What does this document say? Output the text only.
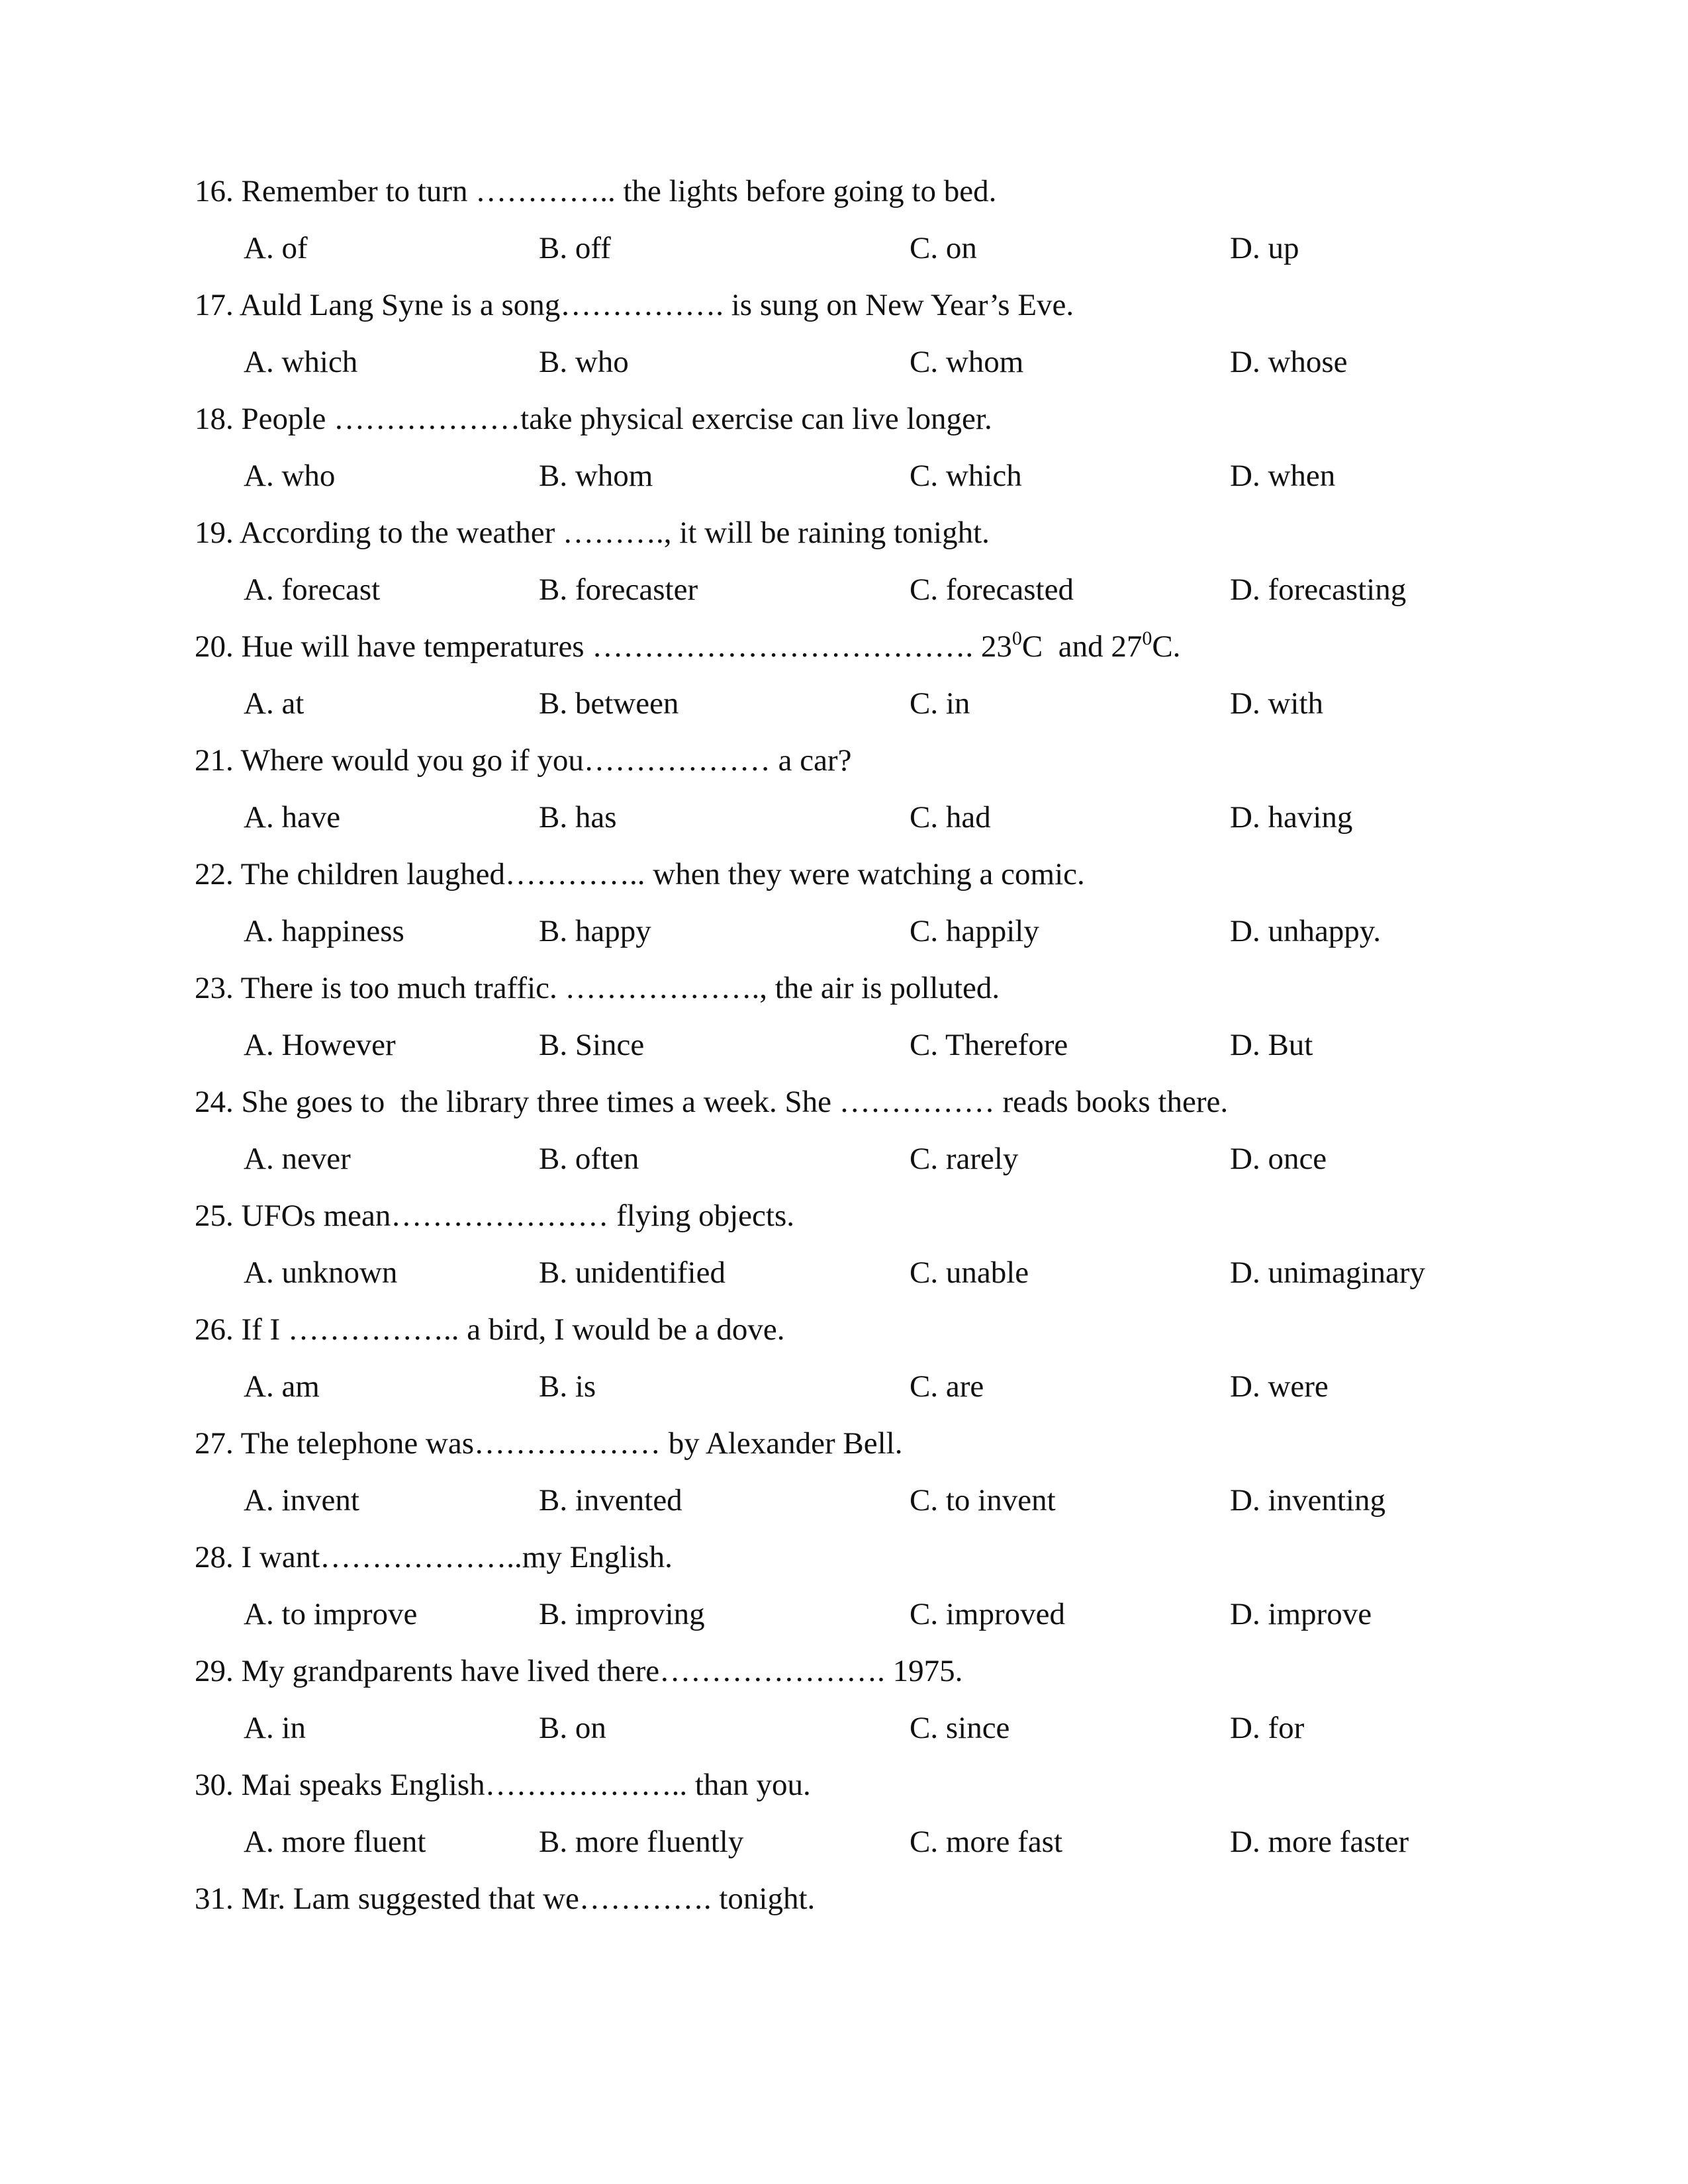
16. Remember to turn ………….. the lights before going to bed.
A. of	B. off	C. on	D. up
17. Auld Lang Syne is a song……………. is sung on New Year’s Eve.
A. which	B. who	C. whom	D. whose
18. People ………………take physical exercise can live longer.
A. who	B. whom	C. which	D. when
19. According to the weather ………., it will be raining tonight.
A. forecast	B. forecaster	C. forecasted	D. forecasting
20. Hue will have temperatures ………………………………. $23^0C$  and $27^0C$.
A. at	B. between	C. in	D. with
21. Where would you go if you……………… a car?
A. have	B. has	C. had	D. having
22. The children laughed………….. when they were watching a comic.
A. happiness	B. happy	C. happily	D. unhappy.
23. There is too much traffic. ………………., the air is polluted.
A. However	B. Since	C. Therefore	D. But
24. She goes to  the library three times a week. She …………… reads books there.
A. never	B. often	C. rarely	D. once
25. UFOs mean………………… flying objects.
A. unknown	B. unidentified	C. unable	D. unimaginary
26. If I …………….. a bird, I would be a dove.
A. am	B. is	C. are	D. were
27. The telephone was……………… by Alexander Bell.
A. invent	B. invented	C. to invent	D. inventing
28. I want………………..my English.
A. to improve	B. improving	C. improved	D. improve
29. My grandparents have lived there…………………. 1975.
A. in	B. on	C. since	D. for
30. Mai speaks English……………….. than you.
A. more fluent	B. more fluently	C. more fast	D. more faster
31. Mr. Lam suggested that we…………. tonight.
